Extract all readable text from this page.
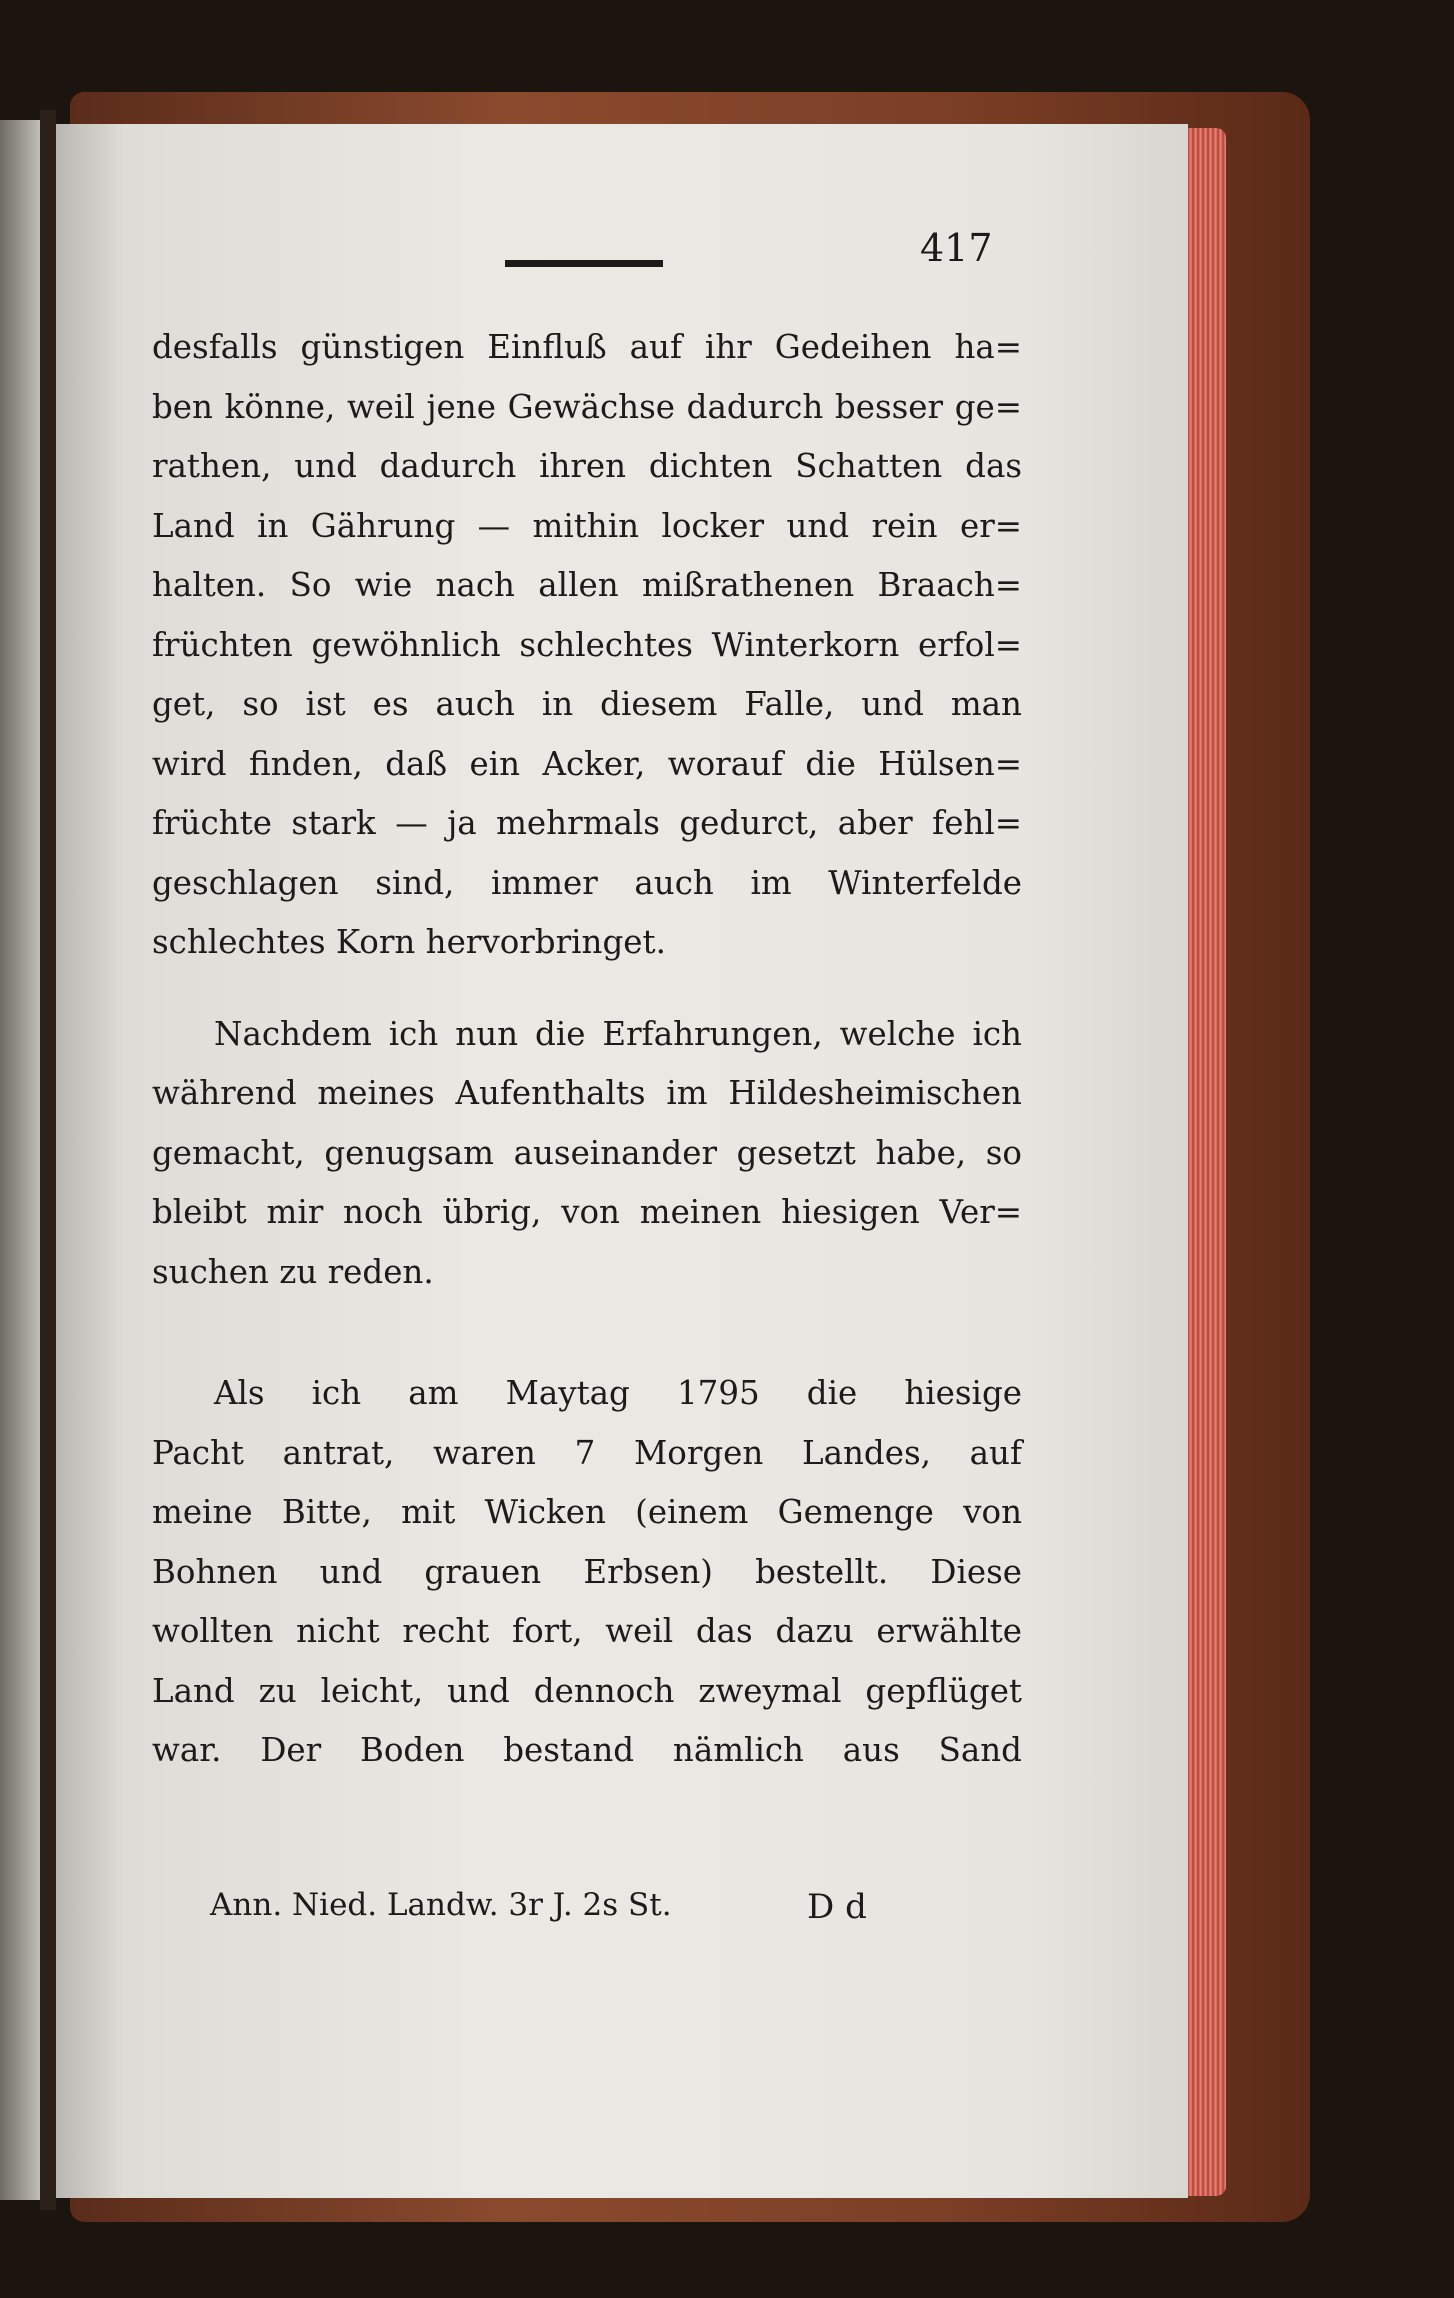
417
desfalls günstigen Einfluß auf ihr Gedeihen ha=
ben könne, weil jene Gewächse dadurch besser ge=
rathen, und dadurch ihren dichten Schatten das
Land in Gährung — mithin locker und rein er=
halten. So wie nach allen mißrathenen Braach=
früchten gewöhnlich schlechtes Winterkorn erfol=
get, so ist es auch in diesem Falle, und man
wird finden, daß ein Acker, worauf die Hülsen=
früchte stark — ja mehrmals gedurct, aber fehl=
geschlagen sind, immer auch im Winterfelde
schlechtes Korn hervorbringet.
Nachdem ich nun die Erfahrungen, welche ich
während meines Aufenthalts im Hildesheimischen
gemacht, genugsam auseinander gesetzt habe, so
bleibt mir noch übrig, von meinen hiesigen Ver=
suchen zu reden.
Als ich am Maytag 1795 die hiesige
Pacht antrat, waren 7 Morgen Landes, auf
meine Bitte, mit Wicken (einem Gemenge von
Bohnen und grauen Erbsen) bestellt. Diese
wollten nicht recht fort, weil das dazu erwählte
Land zu leicht, und dennoch zweymal gepflüget
war. Der Boden bestand nämlich aus Sand
Ann. Nied. Landw. 3r J. 2s St.	D d
